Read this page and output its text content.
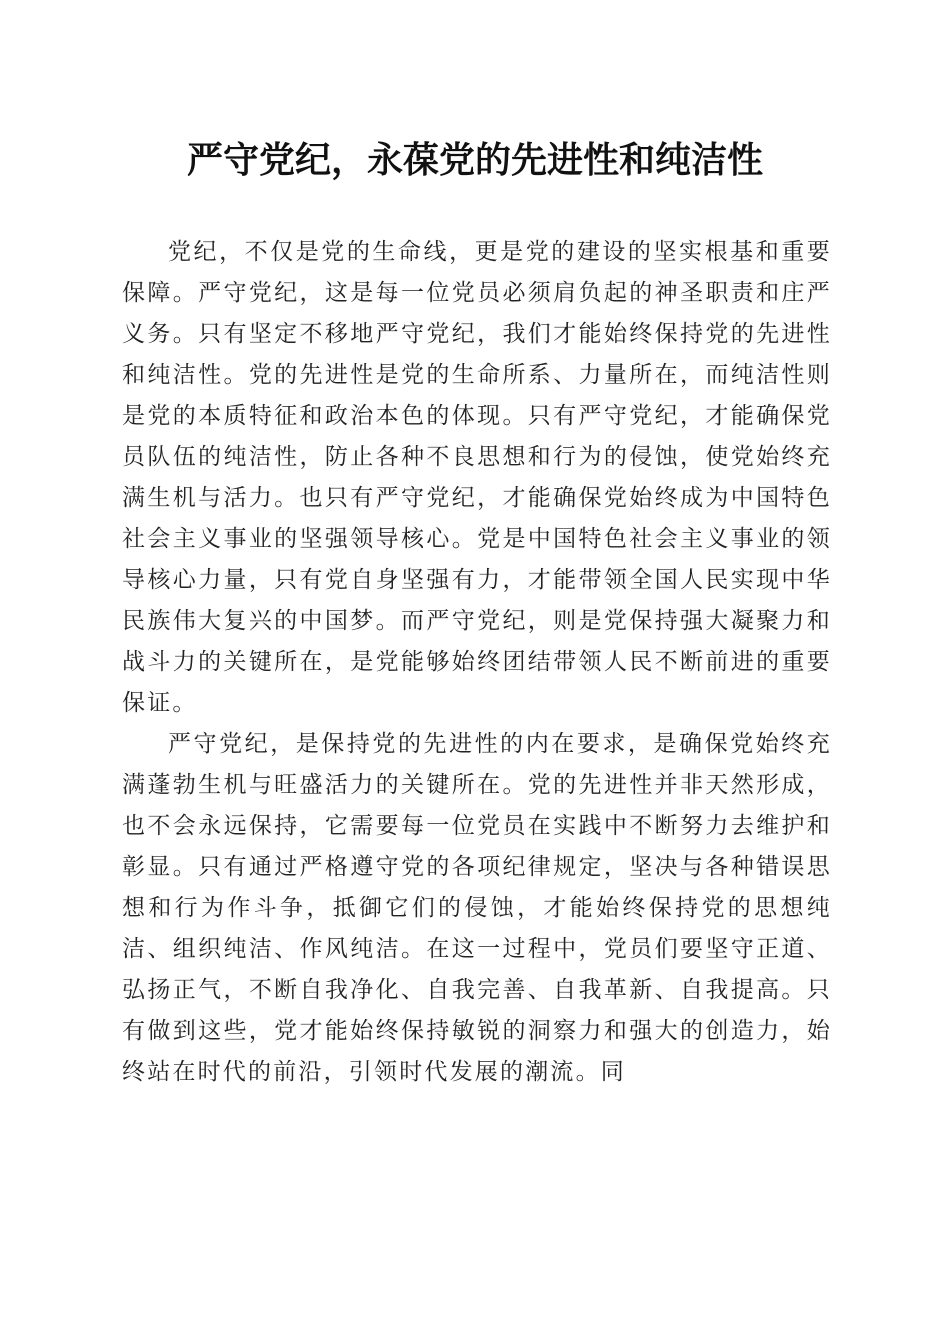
严守党纪，永葆党的先进性和纯洁性

党纪，不仅是党的生命线，更是党的建设的坚实根基和重要保障。严守党纪，这是每一位党员必须肩负起的神圣职责和庄严义务。只有坚定不移地严守党纪，我们才能始终保持党的先进性和纯洁性。党的先进性是党的生命所系、力量所在，而纯洁性则是党的本质特征和政治本色的体现。只有严守党纪，才能确保党员队伍的纯洁性，防止各种不良思想和行为的侵蚀，使党始终充满生机与活力。也只有严守党纪，才能确保党始终成为中国特色社会主义事业的坚强领导核心。党是中国特色社会主义事业的领导核心力量，只有党自身坚强有力，才能带领全国人民实现中华民族伟大复兴的中国梦。而严守党纪，则是党保持强大凝聚力和战斗力的关键所在，是党能够始终团结带领人民不断前进的重要保证。

严守党纪，是保持党的先进性的内在要求，是确保党始终充满蓬勃生机与旺盛活力的关键所在。党的先进性并非天然形成，也不会永远保持，它需要每一位党员在实践中不断努力去维护和彰显。只有通过严格遵守党的各项纪律规定，坚决与各种错误思想和行为作斗争，抵御它们的侵蚀，才能始终保持党的思想纯洁、组织纯洁、作风纯洁。在这一过程中，党员们要坚守正道、弘扬正气，不断自我净化、自我完善、自我革新、自我提高。只有做到这些，党才能始终保持敏锐的洞察力和强大的创造力，始终站在时代的前沿，引领时代发展的潮流。同
